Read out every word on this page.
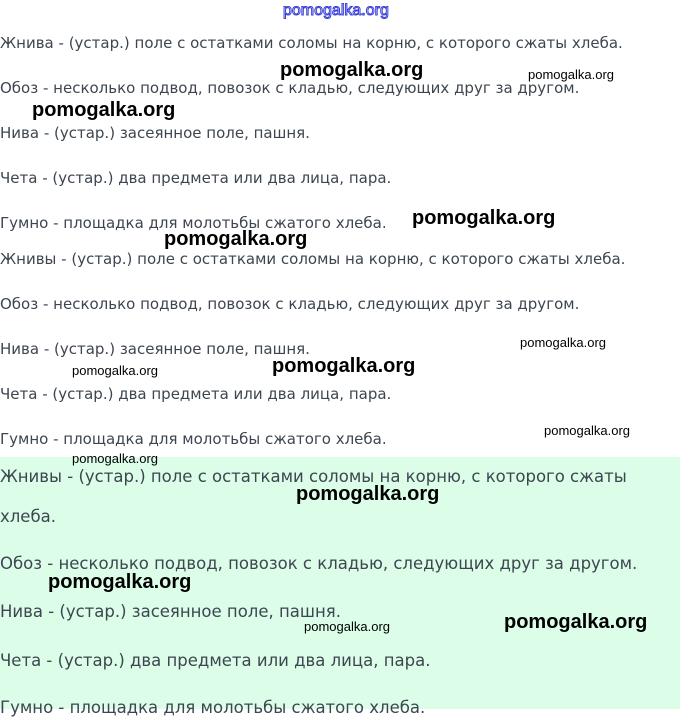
pomogalka.org

Жнива - (устар.) поле с остатками соломы на корню, с которого сжаты хлеба.

Обоз - несколько подвод, повозок с кладью, следующих друг за другом.

Нива - (устар.) засеянное поле, пашня.

Чета - (устар.) два предмета или два лица, пара.

Гумно - площадка для молотьбы сжатого хлеба.

Жнивы - (устар.) поле с остатками соломы на корню, с которого сжаты хлеба.

Обоз - несколько подвод, повозок с кладью, следующих друг за другом.

Нива - (устар.) засеянное поле, пашня.

Чета - (устар.) два предмета или два лица, пара.

Гумно - площадка для молотьбы сжатого хлеба.

Жнивы - (устар.) поле с остатками соломы на корню, с которого сжаты

хлеба.

Обоз - несколько подвод, повозок с кладью, следующих друг за другом.

Нива - (устар.) засеянное поле, пашня.

Чета - (устар.) два предмета или два лица, пара.

Гумно - площадка для молотьбы сжатого хлеба.

pomogalka.org	pomogalka.org
pomogalka.org
pomogalka.org
pomogalka.org
pomogalka.org
pomogalka.org
pomogalka.org
pomogalka.org
pomogalka.org
pomogalka.org
pomogalka.org
pomogalka.org
pomogalka.org
